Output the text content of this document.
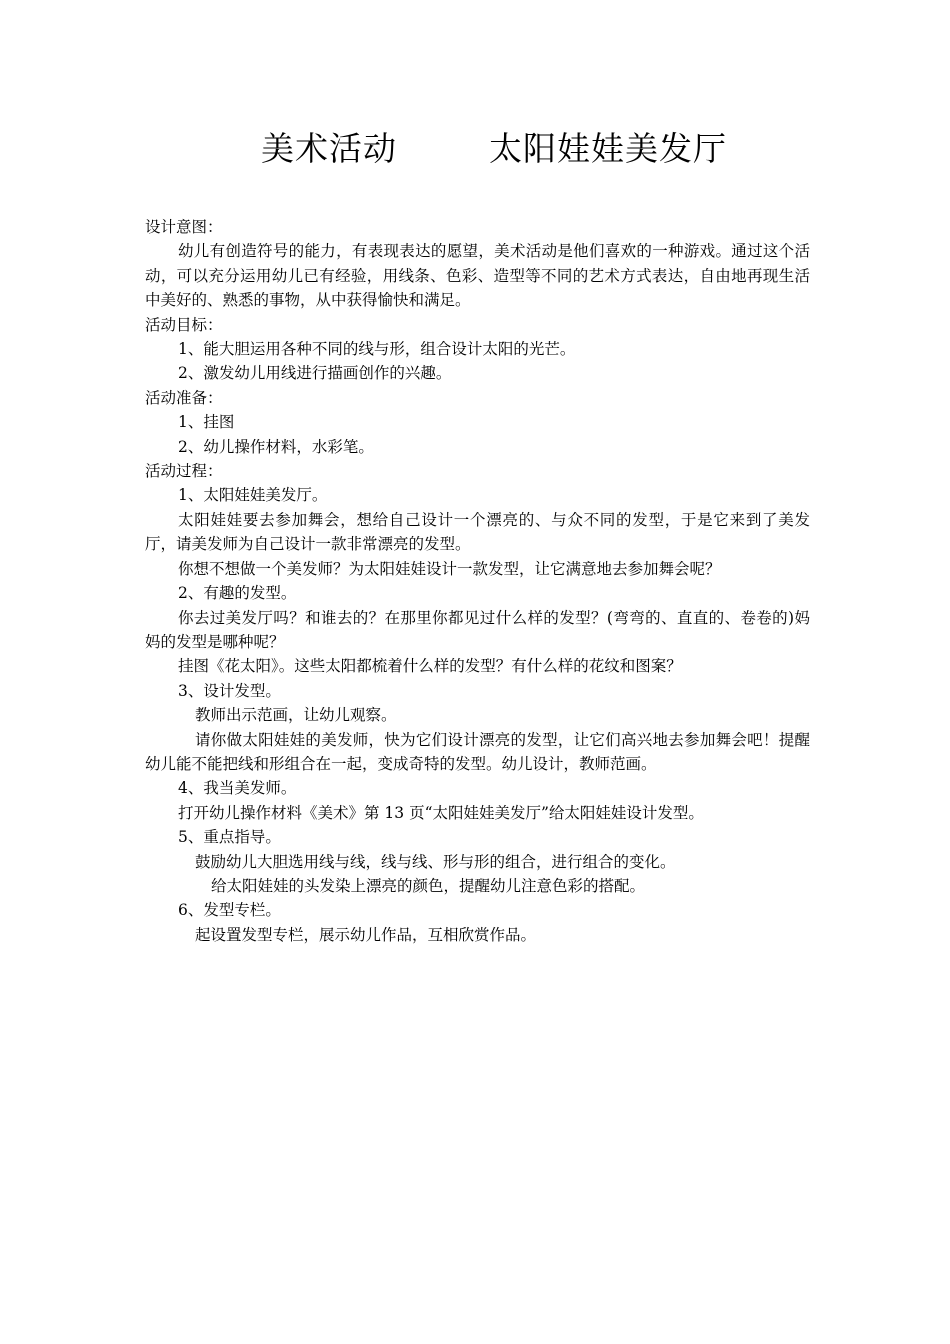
美术活动        太阳娃娃美发厅

设计意图：

幼儿有创造符号的能力，有表现表达的愿望，美术活动是他们喜欢的一种游戏。通过这个活动，可以充分运用幼儿已有经验，用线条、色彩、造型等不同的艺术方式表达，自由地再现生活中美好的、熟悉的事物，从中获得愉快和满足。

活动目标：

1、能大胆运用各种不同的线与形，组合设计太阳的光芒。

2、激发幼儿用线进行描画创作的兴趣。

活动准备：

1、挂图

2、幼儿操作材料，水彩笔。

活动过程：

1、太阳娃娃美发厅。

太阳娃娃要去参加舞会，想给自己设计一个漂亮的、与众不同的发型，于是它来到了美发厅，请美发师为自己设计一款非常漂亮的发型。

你想不想做一个美发师？为太阳娃娃设计一款发型，让它满意地去参加舞会呢？

2、有趣的发型。

你去过美发厅吗？和谁去的？在那里你都见过什么样的发型？(弯弯的、直直的、卷卷的)妈妈的发型是哪种呢？

挂图《花太阳》。这些太阳都梳着什么样的发型？有什么样的花纹和图案？

3、设计发型。

教师出示范画，让幼儿观察。

请你做太阳娃娃的美发师，快为它们设计漂亮的发型，让它们高兴地去参加舞会吧！提醒幼儿能不能把线和形组合在一起，变成奇特的发型。幼儿设计，教师范画。

4、我当美发师。

打开幼儿操作材料《美术》第 13 页“太阳娃娃美发厅”给太阳娃娃设计发型。

5、重点指导。

鼓励幼儿大胆选用线与线，线与线、形与形的组合，进行组合的变化。

给太阳娃娃的头发染上漂亮的颜色，提醒幼儿注意色彩的搭配。

6、发型专栏。

起设置发型专栏，展示幼儿作品，互相欣赏作品。
